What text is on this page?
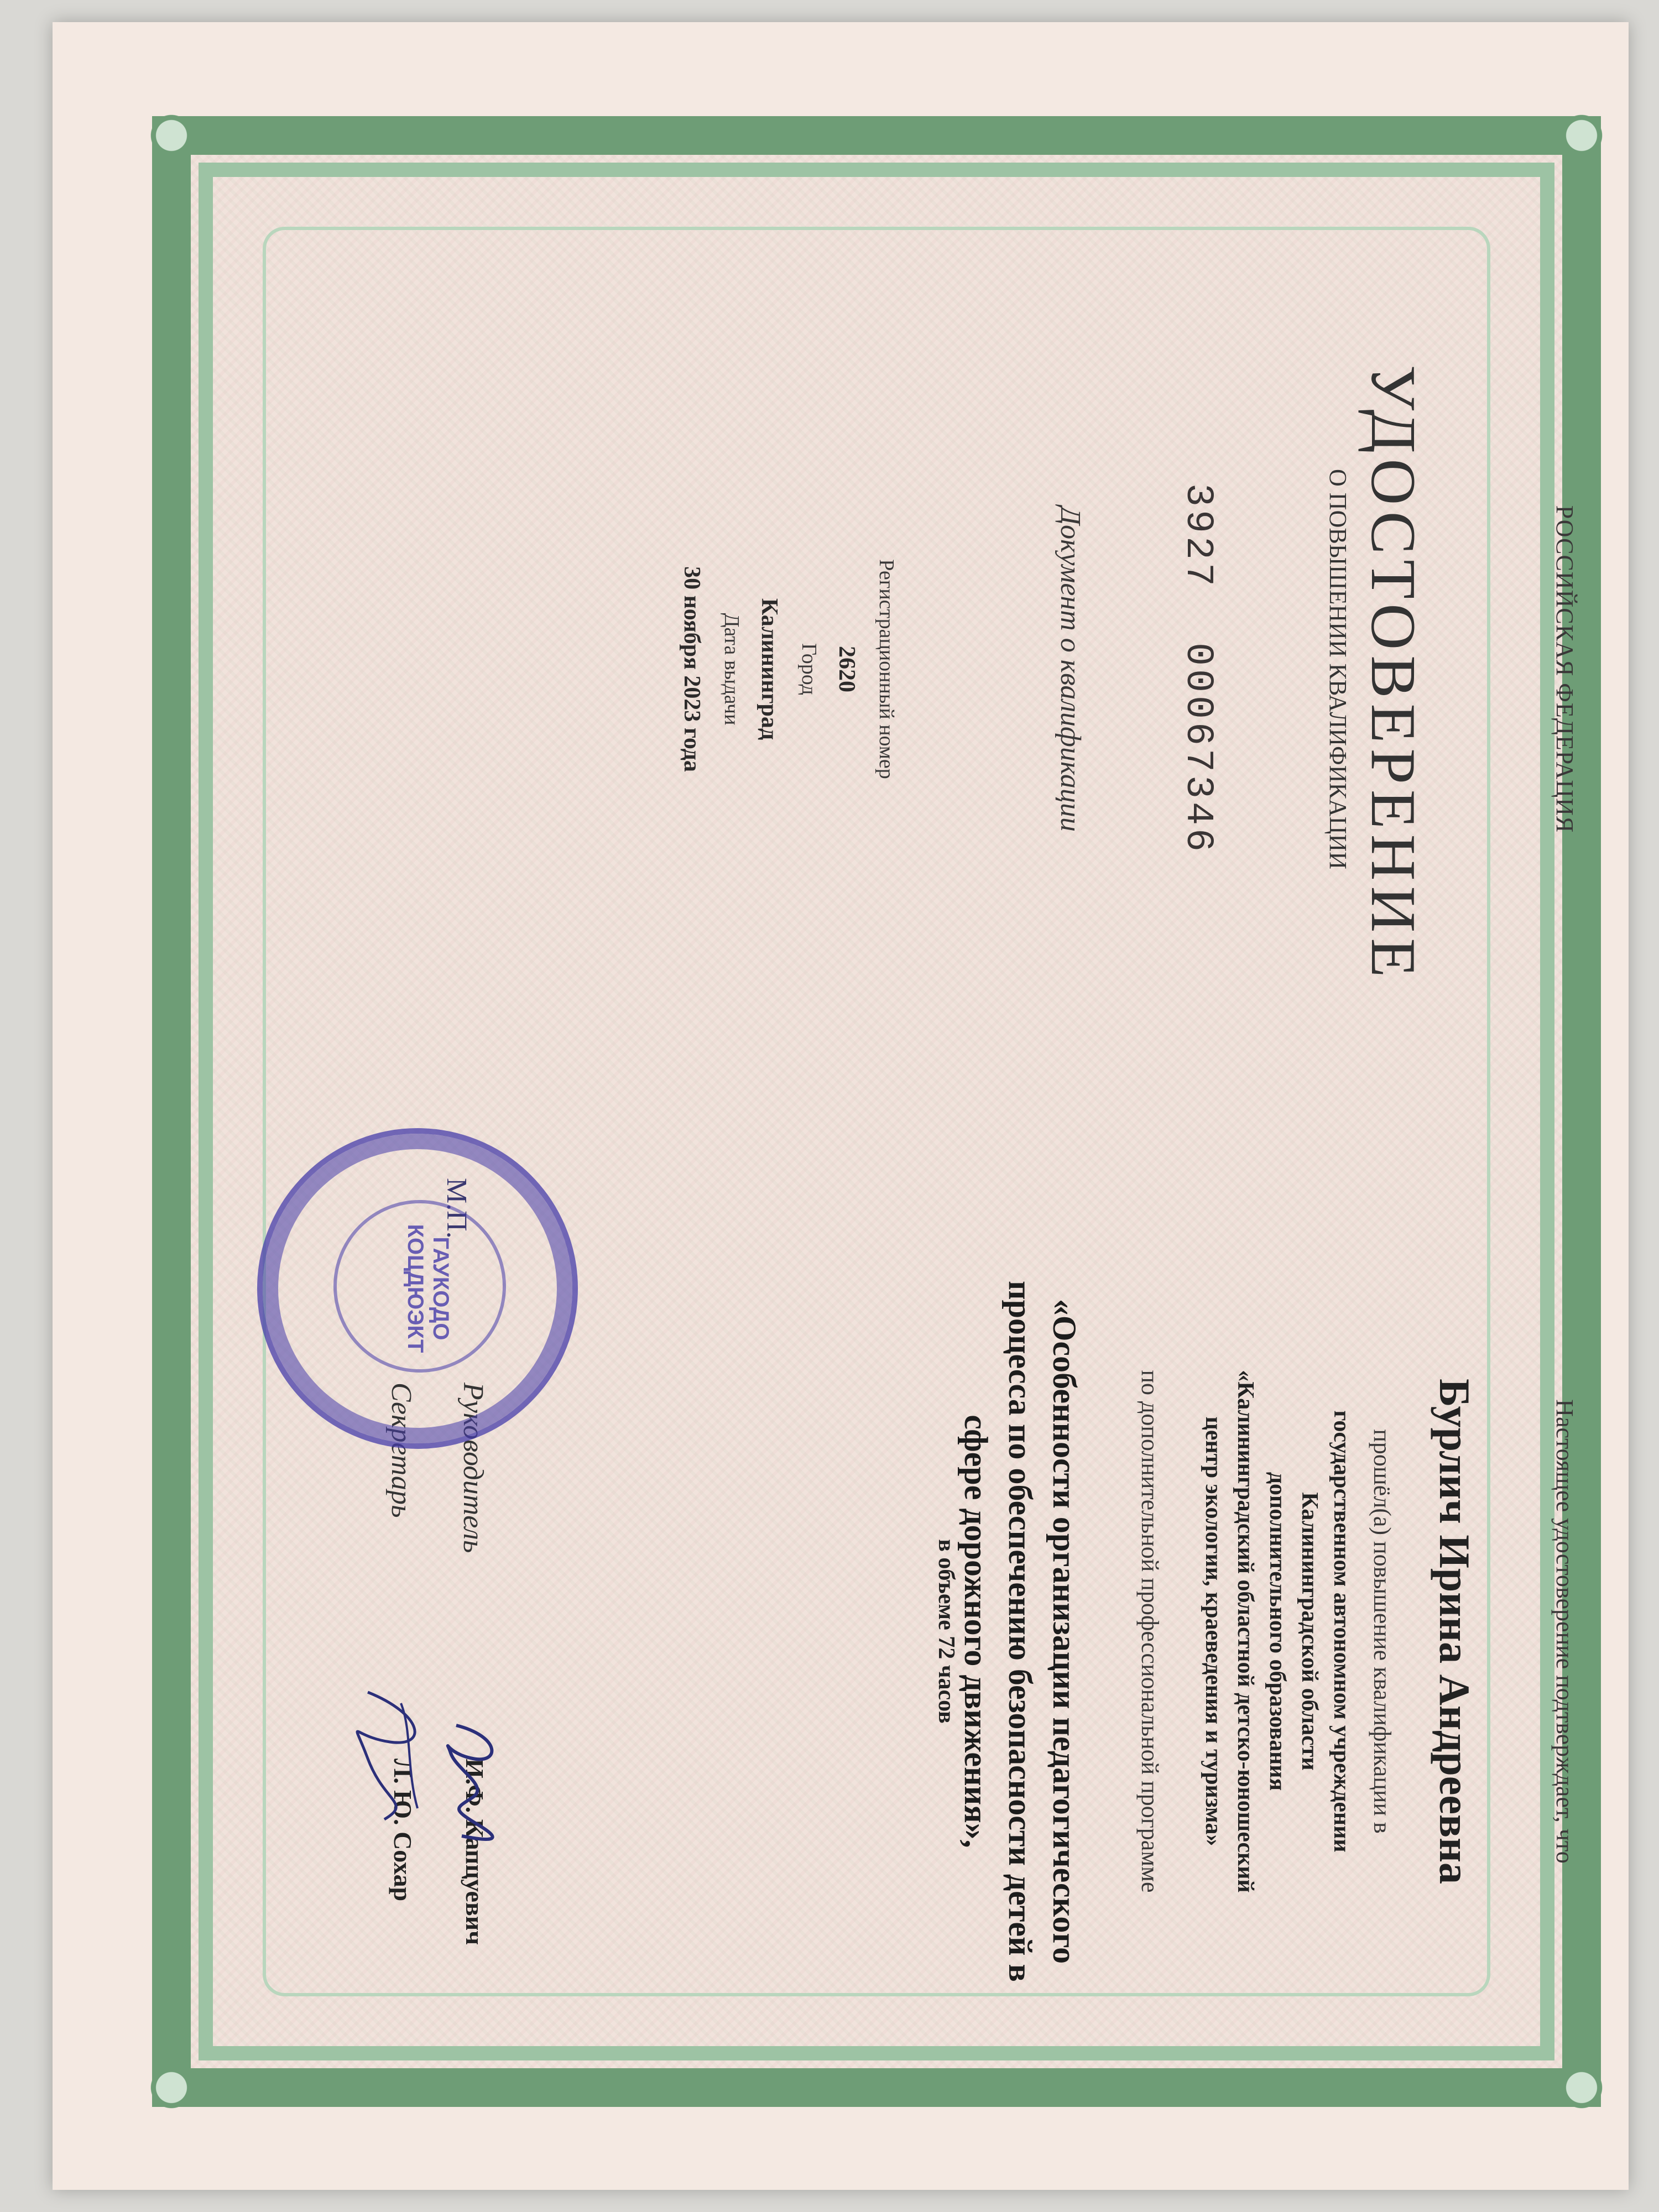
РОССИЙСКАЯ ФЕДЕРАЦИЯ
УДОСТОВЕРЕНИЕ
О ПОВЫШЕНИИ КВАЛИФИКАЦИИ
3927  00067346
Документ о квалификации
Регистрационный номер
2620
Город
Калининград
Дата выдачи
30 ноября 2023 года
Настоящее удостоверение подтверждает, что
Бурлич Ирина Андреевна
прошёл(а) повышение квалификации в
государственном автономном учреждении
Калининградской области
дополнительного образования
«Калининградский областной детско-юношеский
центр экологии, краеведения и туризма»
по дополнительной профессиональной программе
«Особенности организации педагогического
процесса по обеспечению безопасности детей в
сфере дорожного движения»,
в объеме 72 часов
М.П.
Руководитель
И.Ф. Капцуевич
Секретарь
Л. Ю. Сохар
ГАУКОДО
КОЦДЮЭКТ
